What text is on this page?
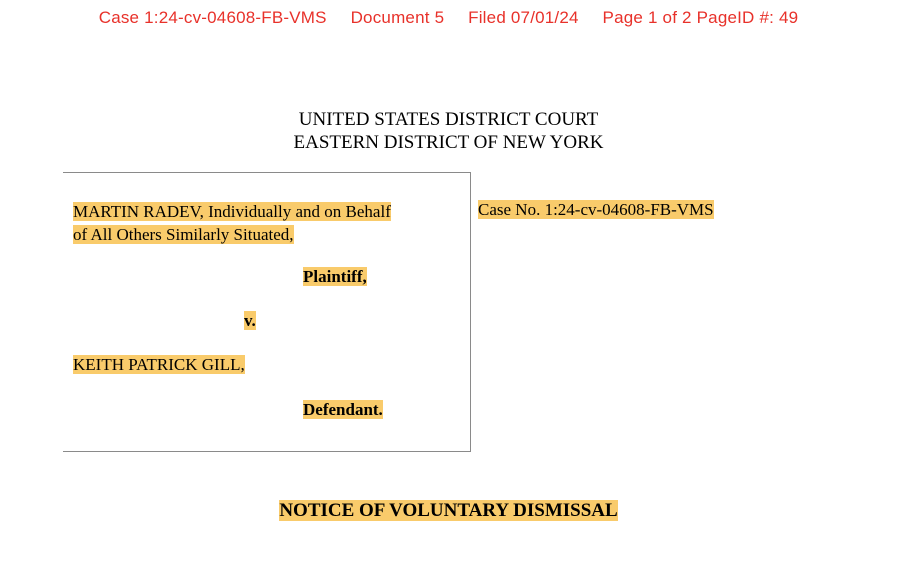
Case 1:24-cv-04608-FB-VMS Document 5 Filed 07/01/24 Page 1 of 2 PageID #: 49
UNITED STATES DISTRICT COURT
EASTERN DISTRICT OF NEW YORK
MARTIN RADEV, Individually and on Behalf
of All Others Similarly Situated,
Plaintiff,
v.
KEITH PATRICK GILL,
Defendant.
Case No. 1:24-cv-04608-FB-VMS
NOTICE OF VOLUNTARY DISMISSAL
